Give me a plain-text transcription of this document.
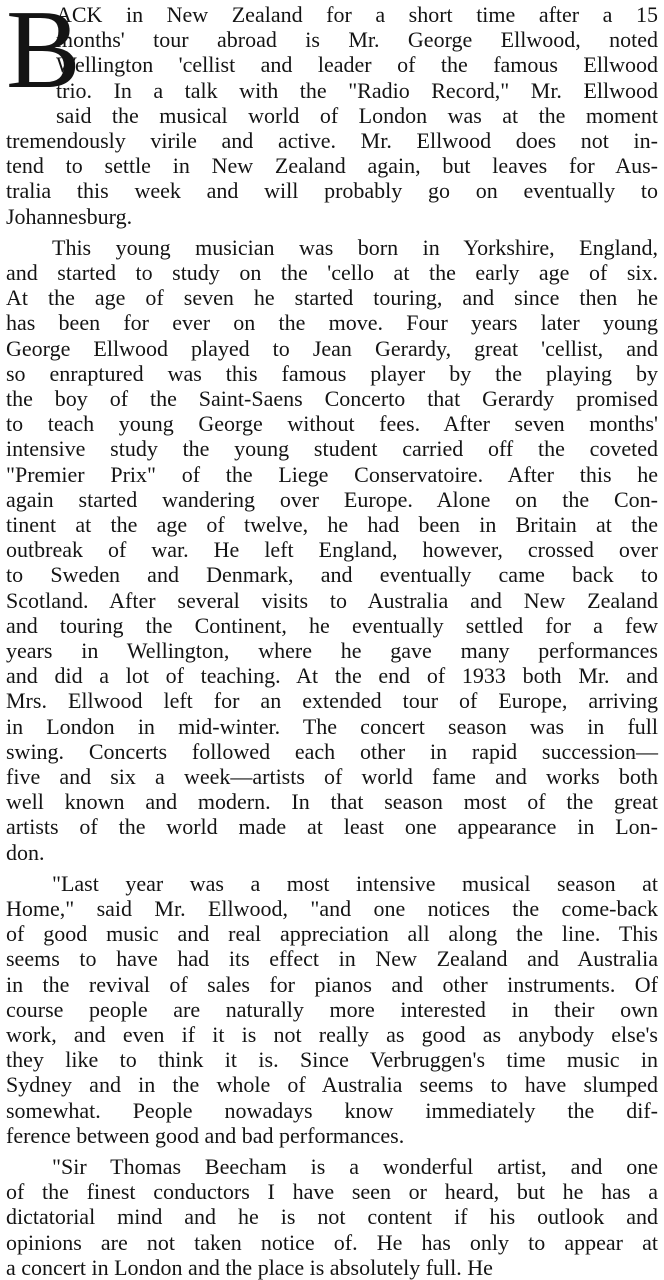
B
ACK in New Zealand for a short time after a 15
months' tour abroad is Mr. George Ellwood, noted
Wellington 'cellist and leader of the famous Ellwood
trio. In a talk with the "Radio Record," Mr. Ellwood
said the musical world of London was at the moment
tremendously virile and active. Mr. Ellwood does not in-
tend to settle in New Zealand again, but leaves for Aus-
tralia this week and will probably go on eventually to
Johannesburg.
This young musician was born in Yorkshire, England,
and started to study on the 'cello at the early age of six.
At the age of seven he started touring, and since then he
has been for ever on the move. Four years later young
George Ellwood played to Jean Gerardy, great 'cellist, and
so enraptured was this famous player by the playing by
the boy of the Saint-Saens Concerto that Gerardy promised
to teach young George without fees. After seven months'
intensive study the young student carried off the coveted
"Premier Prix" of the Liege Conservatoire. After this he
again started wandering over Europe. Alone on the Con-
tinent at the age of twelve, he had been in Britain at the
outbreak of war. He left England, however, crossed over
to Sweden and Denmark, and eventually came back to
Scotland. After several visits to Australia and New Zealand
and touring the Continent, he eventually settled for a few
years in Wellington, where he gave many performances
and did a lot of teaching. At the end of 1933 both Mr. and
Mrs. Ellwood left for an extended tour of Europe, arriving
in London in mid-winter. The concert season was in full
swing. Concerts followed each other in rapid succession—
five and six a week—artists of world fame and works both
well known and modern. In that season most of the great
artists of the world made at least one appearance in Lon-
don.
"Last year was a most intensive musical season at
Home," said Mr. Ellwood, "and one notices the come-back
of good music and real appreciation all along the line. This
seems to have had its effect in New Zealand and Australia
in the revival of sales for pianos and other instruments. Of
course people are naturally more interested in their own
work, and even if it is not really as good as anybody else's
they like to think it is. Since Verbruggen's time music in
Sydney and in the whole of Australia seems to have slumped
somewhat. People nowadays know immediately the dif-
ference between good and bad performances.
"Sir Thomas Beecham is a wonderful artist, and one
of the finest conductors I have seen or heard, but he has a
dictatorial mind and he is not content if his outlook and
opinions are not taken notice of. He has only to appear at
a concert in London and the place is absolutely full. He
